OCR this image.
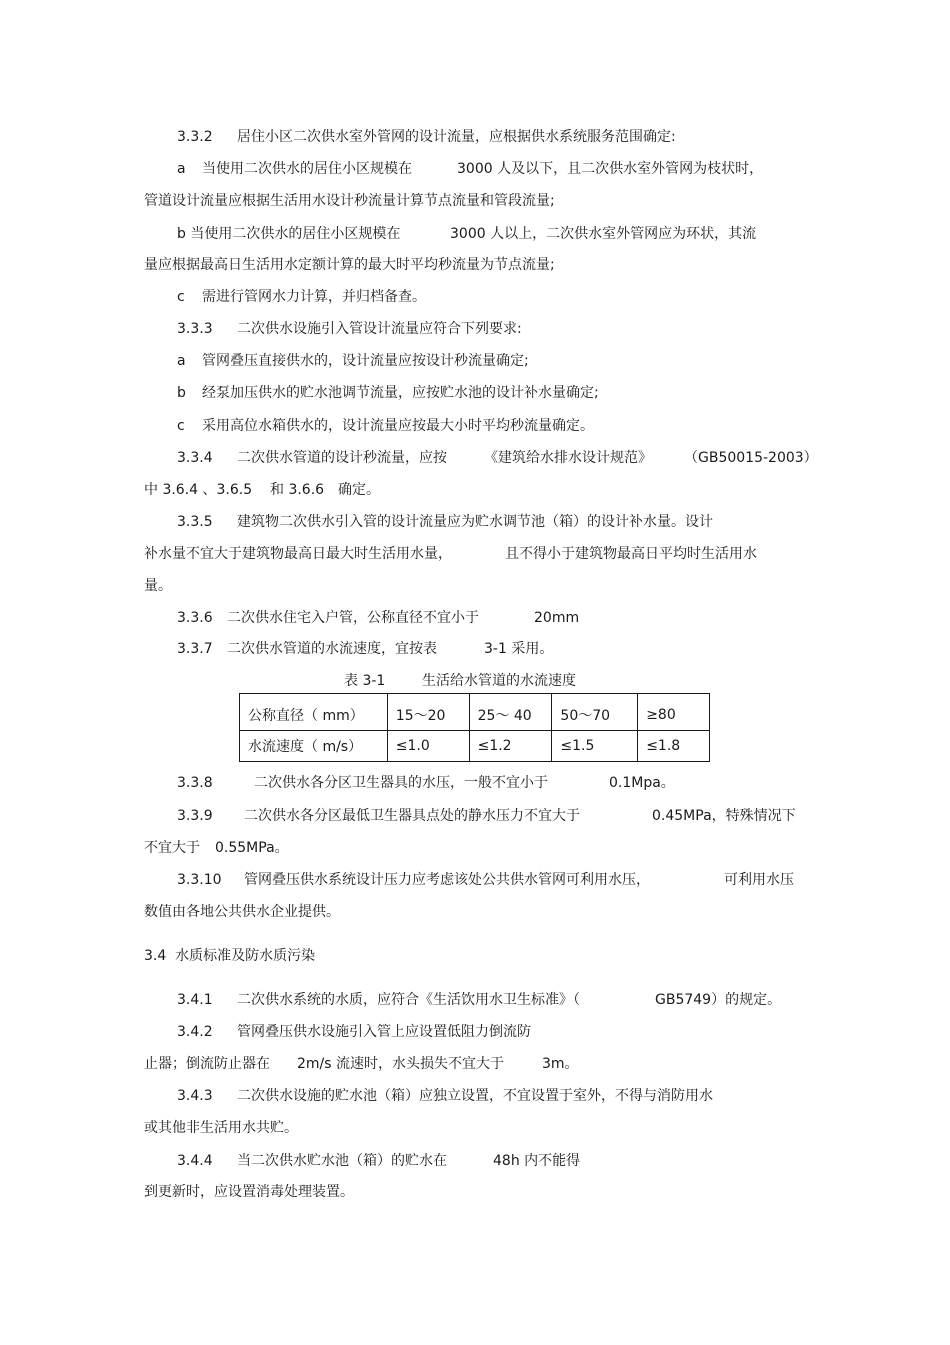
3.3.2 居住小区二次供水室外管网的设计流量，应根据供水系统服务范围确定:
a 当使用二次供水的居住小区规模在	3000 人及以下，且二次供水室外管网为枝状时，
管道设计流量应根据生活用水设计秒流量计算节点流量和管段流量;
b 当使用二次供水的居住小区规模在	3000 人以上，二次供水室外管网应为环状，其流
量应根据最高日生活用水定额计算的最大时平均秒流量为节点流量;
c 需进行管网水力计算，并归档备查。
3.3.3 二次供水设施引入管设计流量应符合下列要求:
a 管网叠压直接供水的，设计流量应按设计秒流量确定;
b 经泵加压供水的贮水池调节流量，应按贮水池的设计补水量确定;
c 采用高位水箱供水的，设计流量应按最大小时平均秒流量确定。
3.3.4 二次供水管道的设计秒流量，应按	《建筑给水排水设计规范》 （GB50015-2003）
中 3.6.4 、3.6.5 和 3.6.6 确定。
3.3.5 建筑物二次供水引入管的设计流量应为贮水调节池（箱）的设计补水量。设计
补水量不宜大于建筑物最高日最大时生活用水量，	且不得小于建筑物最高日平均时生活用水
量。
3.3.6 二次供水住宅入户管，公称直径不宜小于	20mm
3.3.7 二次供水管道的水流速度，宜按表	3-1 采用。
表 3-1	生活给水管道的水流速度
公称直径（ mm）	15～20	25～ 40	50～70	≥80
水流速度（ m/s）	≤1.0	≤1.2	≤1.5	≤1.8
3.3.8	二次供水各分区卫生器具的水压，一般不宜小于	0.1Mpa。
3.3.9 二次供水各分区最低卫生器具点处的静水压力不宜大于	0.45MPa，特殊情况下
不宜大于 0.55MPa。
3.3.10 管网叠压供水系统设计压力应考虑该处公共供水管网可利用水压，	可利用水压
数值由各地公共供水企业提供。
3.4  水质标准及防水质污染
3.4.1 二次供水系统的水质，应符合《生活饮用水卫生标准》（	GB5749）的规定。
3.4.2 管网叠压供水设施引入管上应设置低阻力倒流防
止器；倒流防止器在 2m/s 流速时，水头损失不宜大于	3m。
3.4.3 二次供水设施的贮水池（箱）应独立设置，不宜设置于室外，不得与消防用水
或其他非生活用水共贮。
3.4.4 当二次供水贮水池（箱）的贮水在	48h 内不能得
到更新时，应设置消毒处理装置。
